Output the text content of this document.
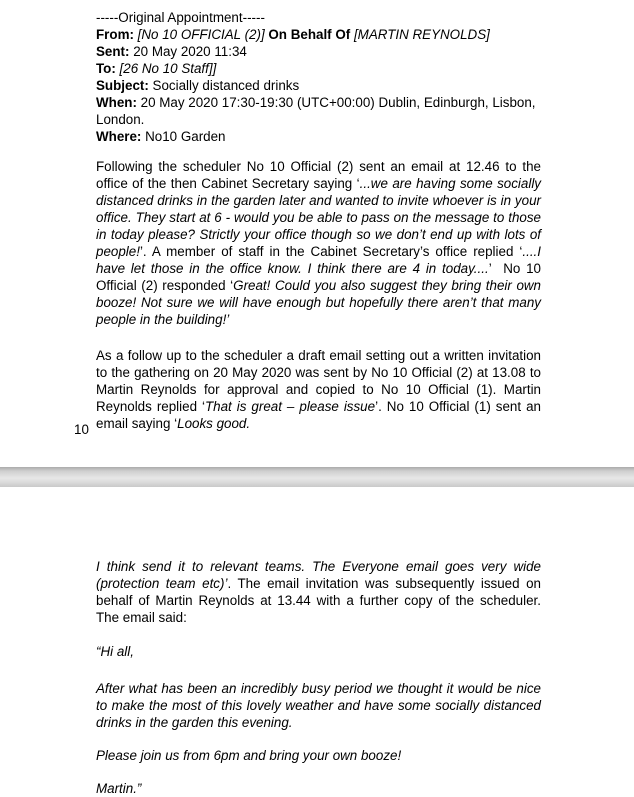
-----Original Appointment-----
From: [No 10 OFFICIAL (2)] On Behalf Of [MARTIN REYNOLDS]
Sent: 20 May 2020 11:34
To: [26 No 10 Staff]]
Subject: Socially distanced drinks
When: 20 May 2020 17:30-19:30 (UTC+00:00) Dublin, Edinburgh, Lisbon, London.
Where: No10 Garden

Following the scheduler No 10 Official (2) sent an email at 12.46 to the office of the then Cabinet Secretary saying ‘...we are having some socially distanced drinks in the garden later and wanted to invite whoever is in your office. They start at 6 - would you be able to pass on the message to those in today please? Strictly your office though so we don’t end up with lots of people!’. A member of staff in the Cabinet Secretary’s office replied ‘....I have let those in the office know. I think there are 4 in today....’  No 10 Official (2) responded ‘Great! Could you also suggest they bring their own booze! Not sure we will have enough but hopefully there aren’t that many people in the building!’

As a follow up to the scheduler a draft email setting out a written invitation to the gathering on 20 May 2020 was sent by No 10 Official (2) at 13.08 to Martin Reynolds for approval and copied to No 10 Official (1). Martin Reynolds replied ‘That is great – please issue’. No 10 Official (1) sent an email saying ‘Looks good.

10

I think send it to relevant teams. The Everyone email goes very wide (protection team etc)’. The email invitation was subsequently issued on behalf of Martin Reynolds at 13.44 with a further copy of the scheduler. The email said:

“Hi all,

After what has been an incredibly busy period we thought it would be nice to make the most of this lovely weather and have some socially distanced drinks in the garden this evening.

Please join us from 6pm and bring your own booze!

Martin.”
